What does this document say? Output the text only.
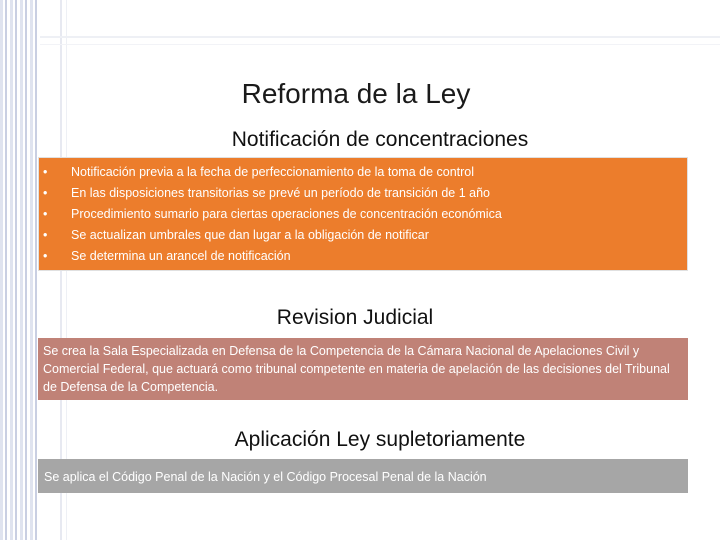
Reforma de la Ley
Notificación de concentraciones
• Notificación previa a la fecha de perfeccionamiento de la toma de control
• En las disposiciones transitorias se prevé un período de transición de 1 año
• Procedimiento sumario para ciertas operaciones de concentración económica
• Se actualizan umbrales que dan lugar a la obligación de notificar
• Se determina un arancel de notificación
Revision Judicial
Se crea la Sala Especializada en Defensa de la Competencia de la Cámara Nacional de Apelaciones Civil y Comercial Federal, que actuará como tribunal competente en materia de apelación de las decisiones del Tribunal de Defensa de la Competencia.
Aplicación Ley supletoriamente
Se aplica el Código Penal de la Nación y el Código Procesal Penal de la Nación
